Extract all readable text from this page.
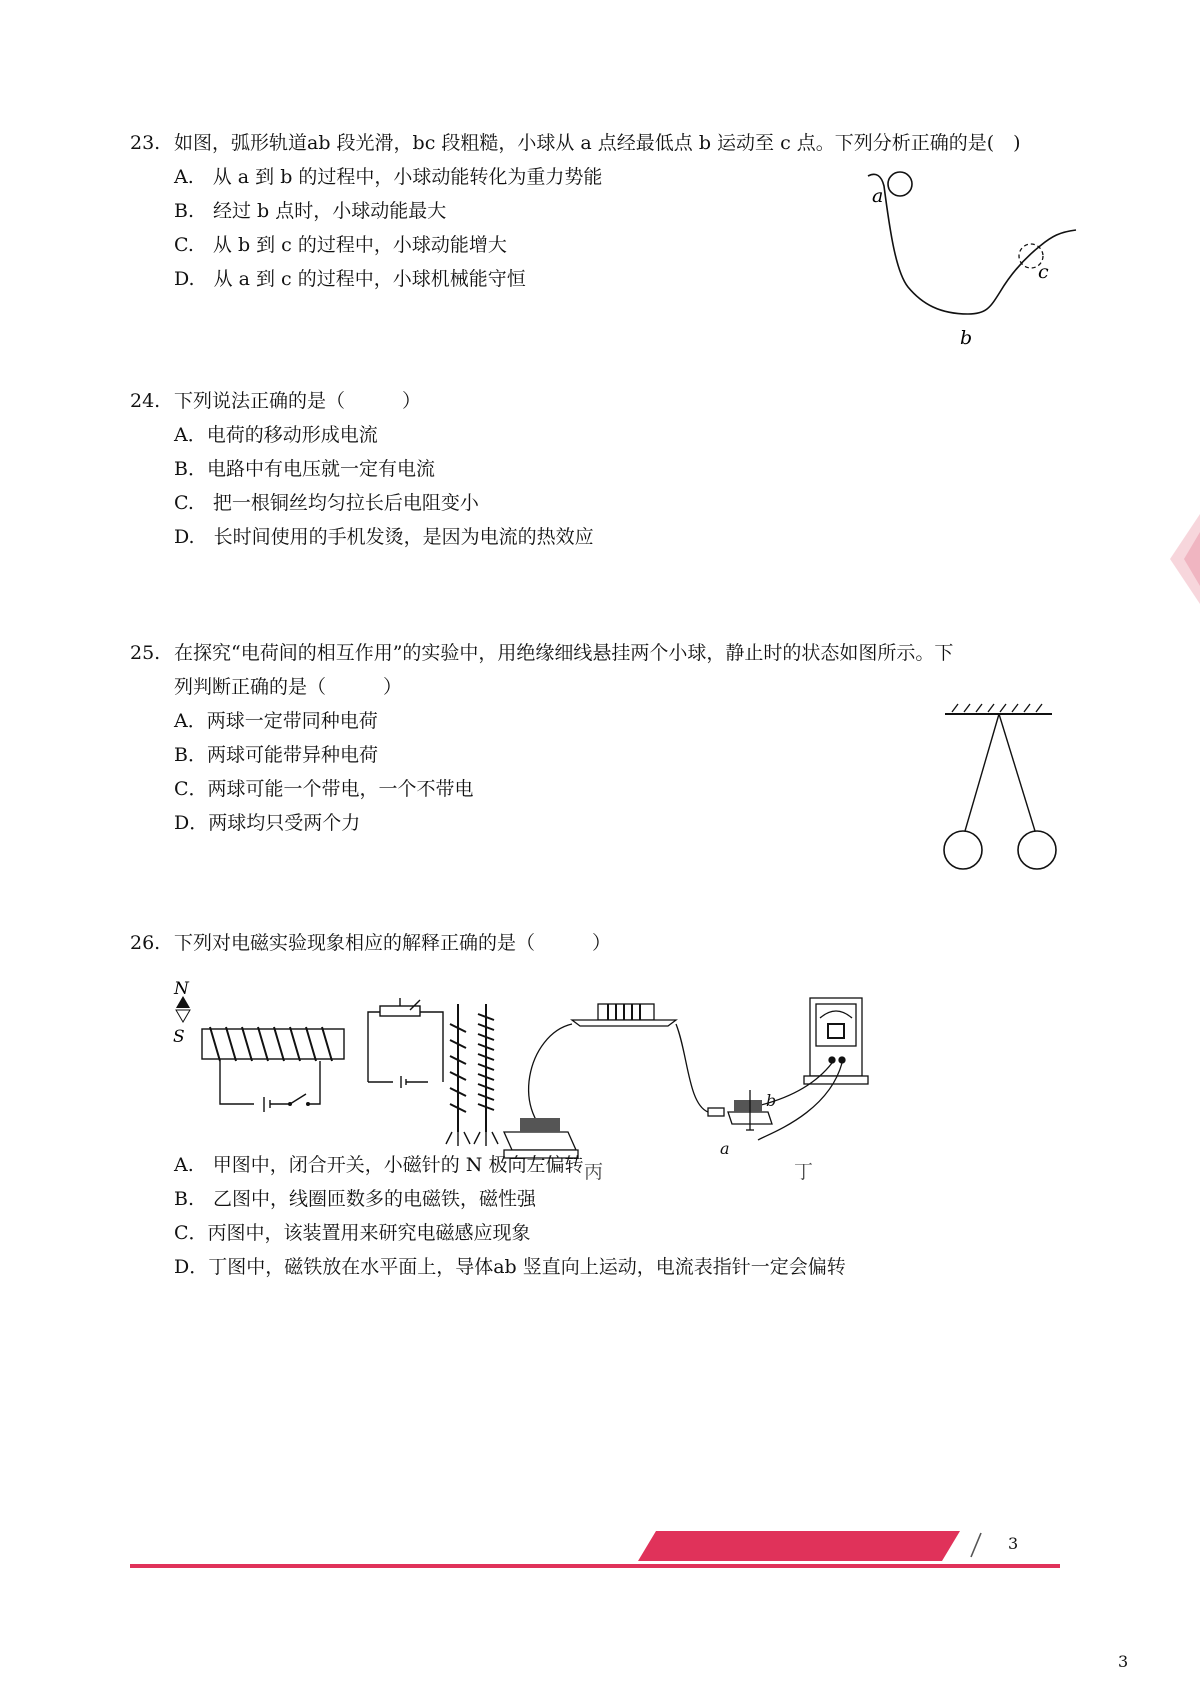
23. 如图，弧形轨道ab 段光滑，bc 段粗糙，小球从 a 点经最低点 b 运动至 c 点。下列分析正确的是(　)
A.　从 a 到 b 的过程中，小球动能转化为重力势能
B.　经过 b 点时，小球动能最大
C.　从 b 到 c 的过程中，小球动能增大
D.　从 a 到 c 的过程中，小球机械能守恒
a
b
c
24. 下列说法正确的是（　　　）
A．电荷的移动形成电流
B．电路中有电压就一定有电流
C.　把一根铜丝均匀拉长后电阻变小
D.　长时间使用的手机发烫，是因为电流的热效应
25. 在探究“电荷间的相互作用”的实验中，用绝缘细线悬挂两个小球，静止时的状态如图所示。下
列判断正确的是（　　　）
A．两球一定带同种电荷
B．两球可能带异种电荷
C．两球可能一个带电，一个不带电
D．两球均只受两个力
26. 下列对电磁实验现象相应的解释正确的是（　　　）
N
S
b
a
丙	丁
A.　甲图中，闭合开关，小磁针的 N 极向左偏转
B.　乙图中，线圈匝数多的电磁铁，磁性强
C．丙图中，该装置用来研究电磁感应现象
D．丁图中，磁铁放在水平面上，导体ab 竖直向上运动，电流表指针一定会偏转
3
3
